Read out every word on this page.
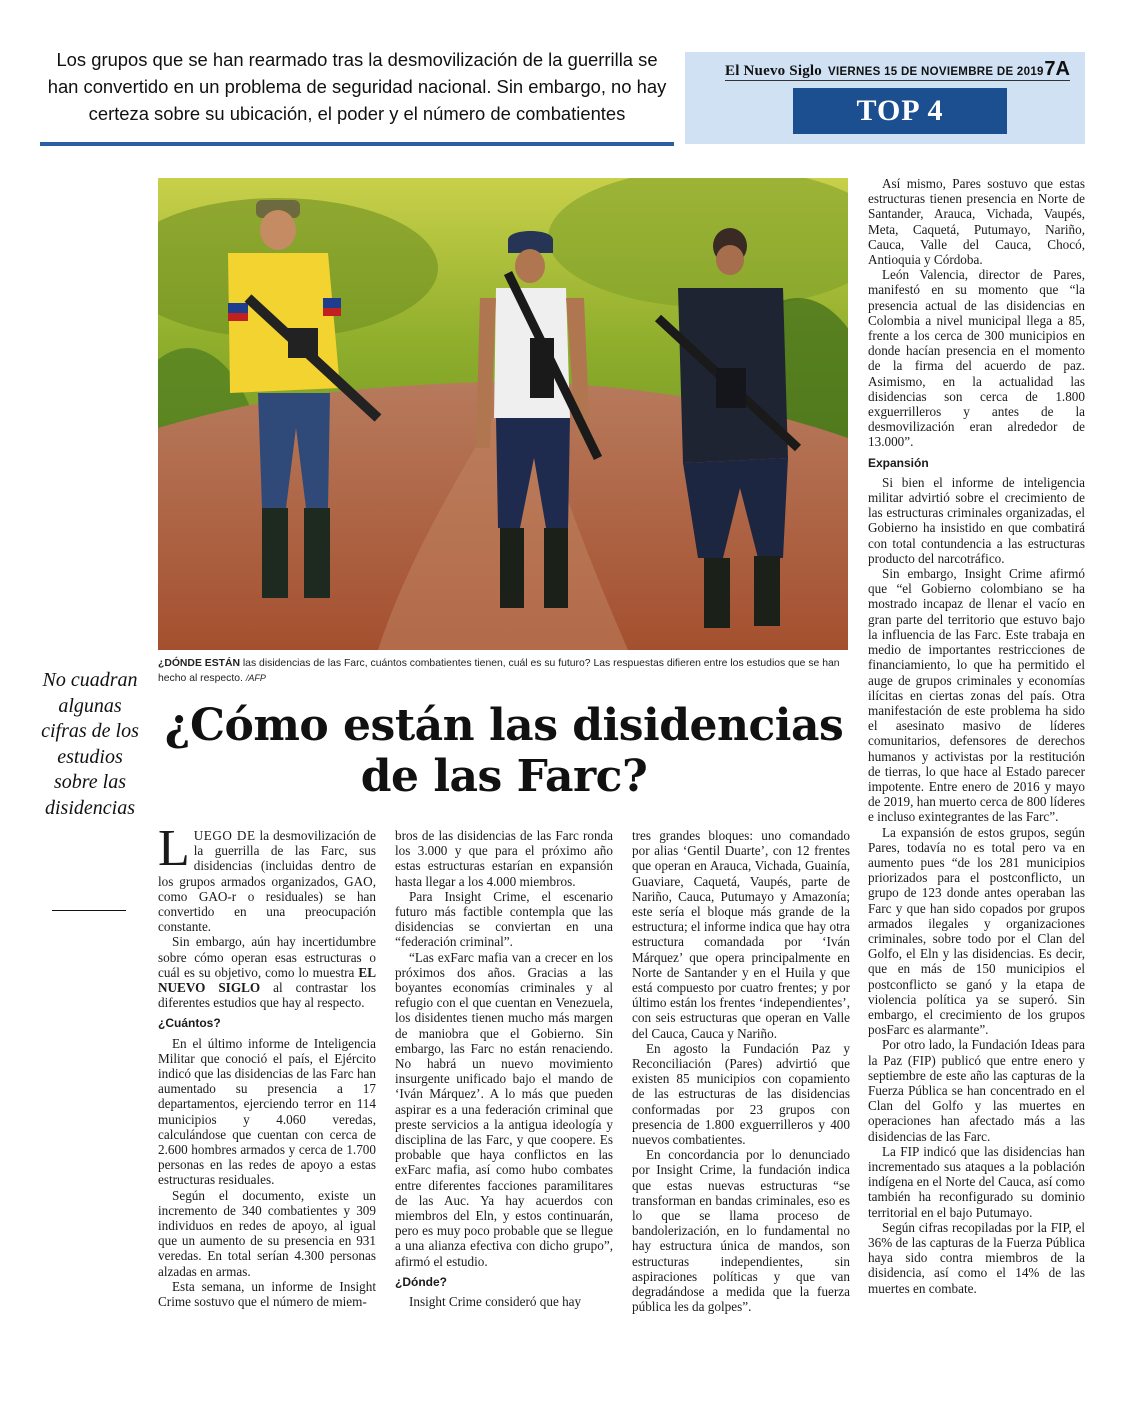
Los grupos que se han rearmado tras la desmovilización de la guerrilla se han convertido en un problema de seguridad nacional. Sin embargo, no hay certeza sobre su ubicación, el poder y el número de combatientes
El Nuevo Siglo VIERNES 15 DE NOVIEMBRE DE 2019 7A
TOP 4
¿DÓNDE ESTÁN las disidencias de las Farc, cuántos combatientes tienen, cuál es su futuro? Las respuestas difieren entre los estudios que se han hecho al respecto. /AFP
No cuadran algunas cifras de los estudios sobre las disidencias
¿Cómo están las disidencias de las Farc?

LUEGO DE la desmovilización de la guerrilla de las Farc, sus disidencias (incluidas dentro de los grupos armados organizados, GAO, como GAO-r o residuales) se han convertido en una preocupación constante.

Sin embargo, aún hay incertidumbre sobre cómo operan esas estructuras o cuál es su objetivo, como lo muestra EL NUEVO SIGLO al contrastar los diferentes estudios que hay al respecto.

¿Cuántos?

En el último informe de Inteligencia Militar que conoció el país, el Ejército indicó que las disidencias de las Farc han aumentado su presencia a 17 departamentos, ejerciendo terror en 114 municipios y 4.060 veredas, calculándose que cuentan con cerca de 2.600 hombres armados y cerca de 1.700 personas en las redes de apoyo a estas estructuras residuales.

Según el documento, existe un incremento de 340 combatientes y 309 individuos en redes de apoyo, al igual que un aumento de su presencia en 931 veredas. En total serían 4.300 personas alzadas en armas.

Esta semana, un informe de Insight Crime sostuvo que el número de miem-

bros de las disidencias de las Farc ronda los 3.000 y que para el próximo año estas estructuras estarían en expansión hasta llegar a los 4.000 miembros.

Para Insight Crime, el escenario futuro más factible contempla que las disidencias se conviertan en una “federación criminal”.

“Las exFarc mafia van a crecer en los próximos dos años. Gracias a las boyantes economías criminales y al refugio con el que cuentan en Venezuela, los disidentes tienen mucho más margen de maniobra que el Gobierno. Sin embargo, las Farc no están renaciendo. No habrá un nuevo movimiento insurgente unificado bajo el mando de ‘Iván Márquez’. A lo más que pueden aspirar es a una federación criminal que preste servicios a la antigua ideología y disciplina de las Farc, y que coopere. Es probable que haya conflictos en las exFarc mafia, así como hubo combates entre diferentes facciones paramilitares de las Auc. Ya hay acuerdos con miembros del Eln, y estos continuarán, pero es muy poco probable que se llegue a una alianza efectiva con dicho grupo”, afirmó el estudio.

¿Dónde?

Insight Crime consideró que hay

tres grandes bloques: uno comandado por alias ‘Gentil Duarte’, con 12 frentes que operan en Arauca, Vichada, Guainía, Guaviare, Caquetá, Vaupés, parte de Nariño, Cauca, Putumayo y Amazonía; este sería el bloque más grande de la estructura; el informe indica que hay otra estructura comandada por ‘Iván Márquez’ que opera principalmente en Norte de Santander y en el Huila y que está compuesto por cuatro frentes; y por último están los frentes ‘independientes’, con seis estructuras que operan en Valle del Cauca, Cauca y Nariño.

En agosto la Fundación Paz y Reconciliación (Pares) advirtió que existen 85 municipios con copamiento de las estructuras de las disidencias conformadas por 23 grupos con presencia de 1.800 exguerrilleros y 400 nuevos combatientes.

En concordancia por lo denunciado por Insight Crime, la fundación indica que estas nuevas estructuras “se transforman en bandas criminales, eso es lo que se llama proceso de bandolerización, en lo fundamental no hay estructura única de mandos, son estructuras independientes, sin aspiraciones políticas y que van degradándose a medida que la fuerza pública les da golpes”.

Así mismo, Pares sostuvo que estas estructuras tienen presencia en Norte de Santander, Arauca, Vichada, Vaupés, Meta, Caquetá, Putumayo, Nariño, Cauca, Valle del Cauca, Chocó, Antioquia y Córdoba.

León Valencia, director de Pares, manifestó en su momento que “la presencia actual de las disidencias en Colombia a nivel municipal llega a 85, frente a los cerca de 300 municipios en donde hacían presencia en el momento de la firma del acuerdo de paz. Asimismo, en la actualidad las disidencias son cerca de 1.800 exguerrilleros y antes de la desmovilización eran alrededor de 13.000”.

Expansión

Si bien el informe de inteligencia militar advirtió sobre el crecimiento de las estructuras criminales organizadas, el Gobierno ha insistido en que combatirá con total contundencia a las estructuras producto del narcotráfico.

Sin embargo, Insight Crime afirmó que “el Gobierno colombiano se ha mostrado incapaz de llenar el vacío en gran parte del territorio que estuvo bajo la influencia de las Farc. Este trabaja en medio de importantes restricciones de financiamiento, lo que ha permitido el auge de grupos criminales y economías ilícitas en ciertas zonas del país. Otra manifestación de este problema ha sido el asesinato masivo de líderes comunitarios, defensores de derechos humanos y activistas por la restitución de tierras, lo que hace al Estado parecer impotente. Entre enero de 2016 y mayo de 2019, han muerto cerca de 800 líderes e incluso exintegrantes de las Farc”.

La expansión de estos grupos, según Pares, todavía no es total pero va en aumento pues “de los 281 municipios priorizados para el postconflicto, un grupo de 123 donde antes operaban las Farc y que han sido copados por grupos armados ilegales y organizaciones criminales, sobre todo por el Clan del Golfo, el Eln y las disidencias. Es decir, que en más de 150 municipios el postconflicto se ganó y la etapa de violencia política ya se superó. Sin embargo, el crecimiento de los grupos posFarc es alarmante”.

Por otro lado, la Fundación Ideas para la Paz (FIP) publicó que entre enero y septiembre de este año las capturas de la Fuerza Pública se han concentrado en el Clan del Golfo y las muertes en operaciones han afectado más a las disidencias de las Farc.

La FIP indicó que las disidencias han incrementado sus ataques a la población indígena en el Norte del Cauca, así como también ha reconfigurado su dominio territorial en el bajo Putumayo.

Según cifras recopiladas por la FIP, el 36% de las capturas de la Fuerza Pública haya sido contra miembros de la disidencia, así como el 14% de las muertes en combate.
